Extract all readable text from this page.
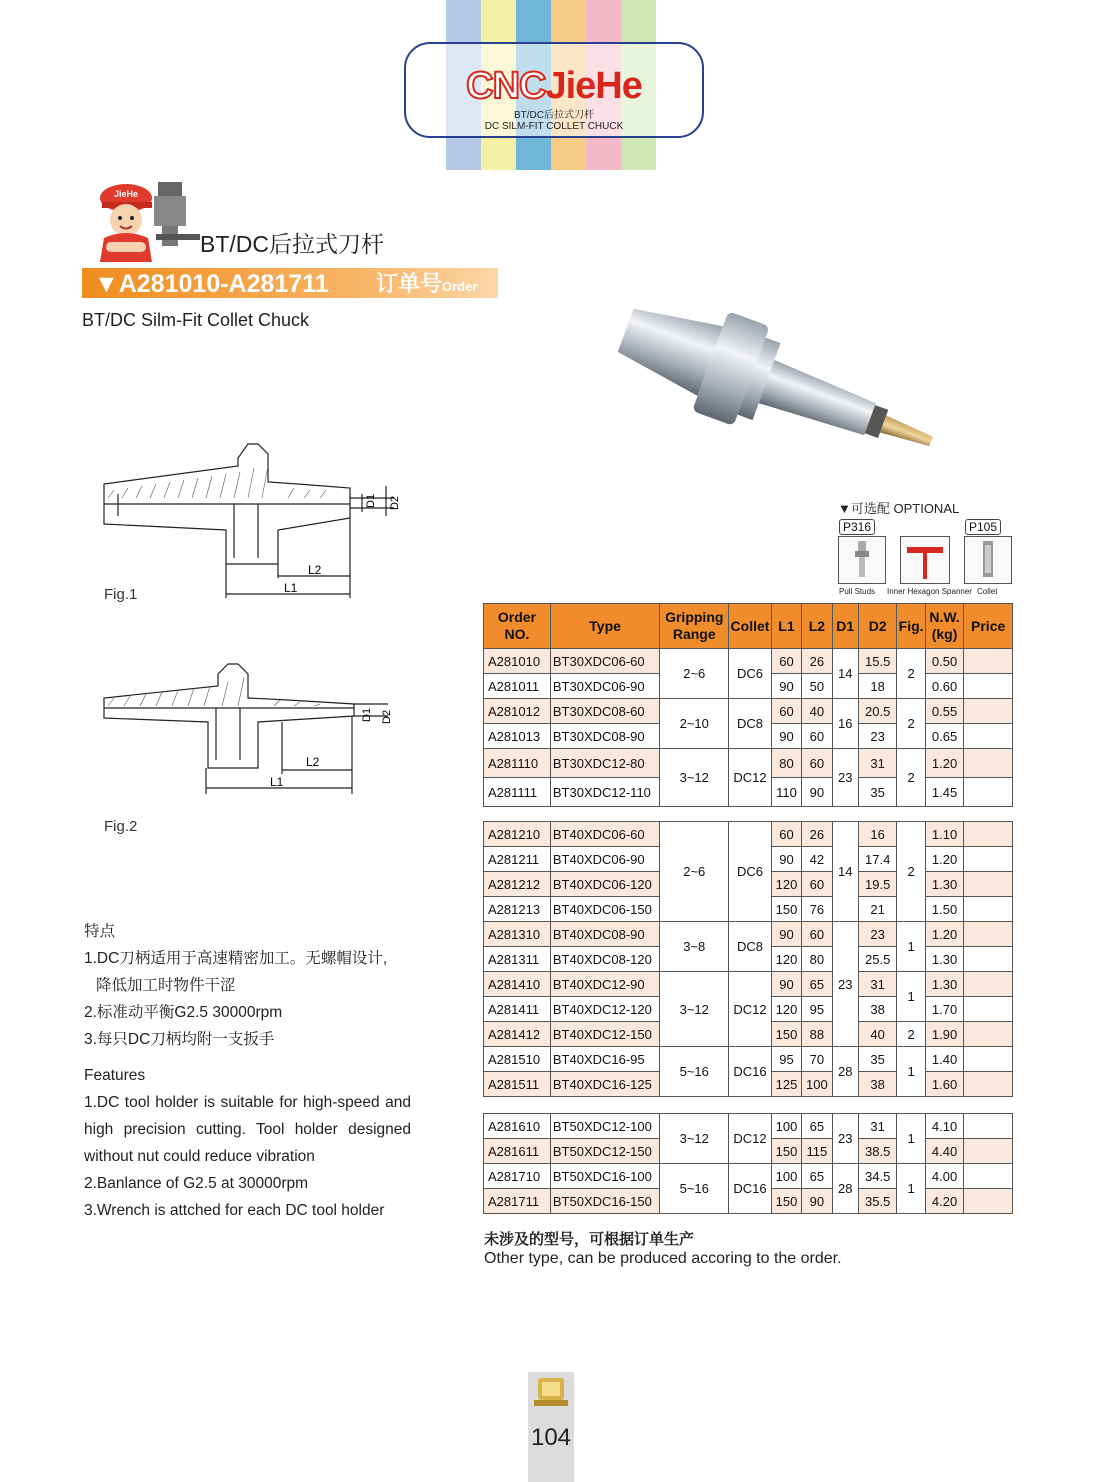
CNCJieHe
BT/DC后拉式刀杆
DC SILM-FIT COLLET CHUCK
JieHe
BT/DC后拉式刀杆
▼A281010-A281711 订单号Order NO.
BT/DC Silm-Fit Collet Chuck
L2
L1
D1 D2
Fig.1
L2
L1
D1 D2
Fig.2

特点

1.DC刀柄适用于高速精密加工。无螺帽设计,

降低加工时物件干涩

2.标准动平衡G2.5 30000rpm

3.每只DC刀柄均附一支扳手

Features

1.DC tool holder is suitable for high-speed and high precision cutting. Tool holder designed without nut could reduce vibration

2.Banlance of G2.5 at 30000rpm

3.Wrench is attched for each DC tool holder

▼可选配 OPTIONAL
P316
Pull Studs Inner Hexagon Spanner
P105
Collet
Order NO.	Type	Gripping Range	Collet	L1	L2	D1	D2	Fig.	N.W. (kg)	Price
A281010	BT30XDC06-60	2~6	DC6	60	26	14	15.5	2	0.50	
A281011	BT30XDC06-90			90	50		18		0.60	
A281012	BT30XDC08-60	2~10	DC8	60	40	16	20.5	2	0.55	
A281013	BT30XDC08-90			90	60		23		0.65	
A281110	BT30XDC12-80	3~12	DC12	80	60	23	31	2	1.20	
A281111	BT30XDC12-110			110	90		35		1.45	
A281210	BT40XDC06-60	2~6	DC6	60	26	14	16	2	1.10	
A281211	BT40XDC06-90			90	42		17.4		1.20	
A281212	BT40XDC06-120			120	60		19.5		1.30	
A281213	BT40XDC06-150			150	76		21		1.50	
A281310	BT40XDC08-90	3~8	DC8	90	60	23	23	1	1.20	
A281311	BT40XDC08-120			120	80		25.5		1.30	
A281410	BT40XDC12-90	3~12	DC12	90	65		31	1	1.30	
A281411	BT40XDC12-120			120	95		38		1.70	
A281412	BT40XDC12-150			150	88		40	2	1.90	
A281510	BT40XDC16-95	5~16	DC16	95	70	28	35	1	1.40	
A281511	BT40XDC16-125			125	100		38		1.60	
A281610	BT50XDC12-100	3~12	DC12	100	65	23	31	1	4.10	
A281611	BT50XDC12-150			150	115		38.5		4.40	
A281710	BT50XDC16-100	5~16	DC16	100	65	28	34.5	1	4.00	
A281711	BT50XDC16-150			150	90		35.5		4.20	
未涉及的型号，可根据订单生产
Other type, can be produced accoring to the order.
104
